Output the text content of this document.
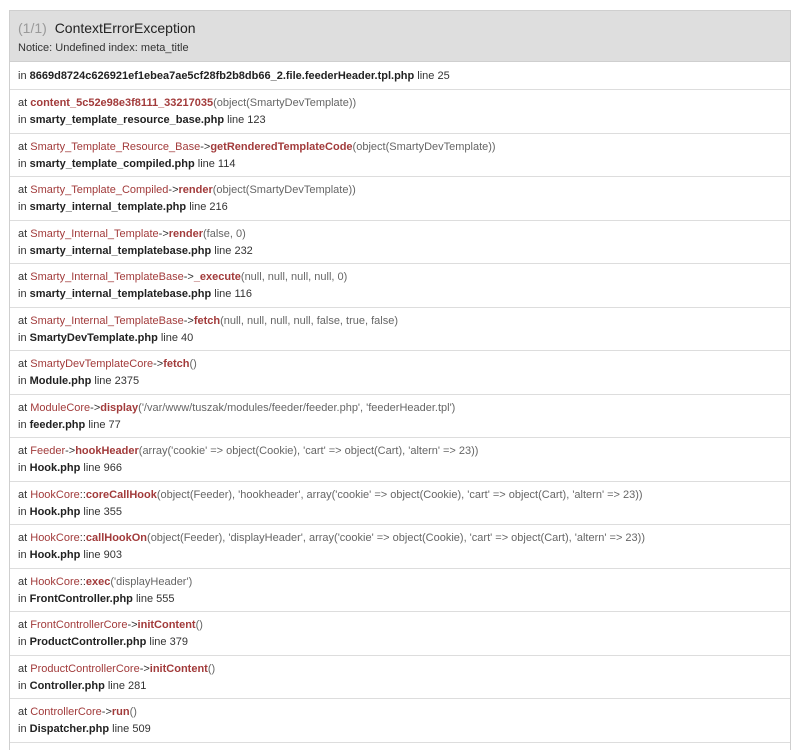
(1/1) ContextErrorException
Notice: Undefined index: meta_title
in 8669d8724c626921ef1ebea7ae5cf28fb2b8db66_2.file.feederHeader.tpl.php line 25
at content_5c52e98e3f8111_33217035(object(SmartyDevTemplate))
in smarty_template_resource_base.php line 123
at Smarty_Template_Resource_Base->getRenderedTemplateCode(object(SmartyDevTemplate))
in smarty_template_compiled.php line 114
at Smarty_Template_Compiled->render(object(SmartyDevTemplate))
in smarty_internal_template.php line 216
at Smarty_Internal_Template->render(false, 0)
in smarty_internal_templatebase.php line 232
at Smarty_Internal_TemplateBase->_execute(null, null, null, null, 0)
in smarty_internal_templatebase.php line 116
at Smarty_Internal_TemplateBase->fetch(null, null, null, null, false, true, false)
in SmartyDevTemplate.php line 40
at SmartyDevTemplateCore->fetch()
in Module.php line 2375
at ModuleCore->display('/var/www/tuszak/modules/feeder/feeder.php', 'feederHeader.tpl')
in feeder.php line 77
at Feeder->hookHeader(array('cookie' => object(Cookie), 'cart' => object(Cart), 'altern' => 23))
in Hook.php line 966
at HookCore::coreCallHook(object(Feeder), 'hookheader', array('cookie' => object(Cookie), 'cart' => object(Cart), 'altern' => 23))
in Hook.php line 355
at HookCore::callHookOn(object(Feeder), 'displayHeader', array('cookie' => object(Cookie), 'cart' => object(Cart), 'altern' => 23))
in Hook.php line 903
at HookCore::exec('displayHeader')
in FrontController.php line 555
at FrontControllerCore->initContent()
in ProductController.php line 379
at ProductControllerCore->initContent()
in Controller.php line 281
at ControllerCore->run()
in Dispatcher.php line 509
